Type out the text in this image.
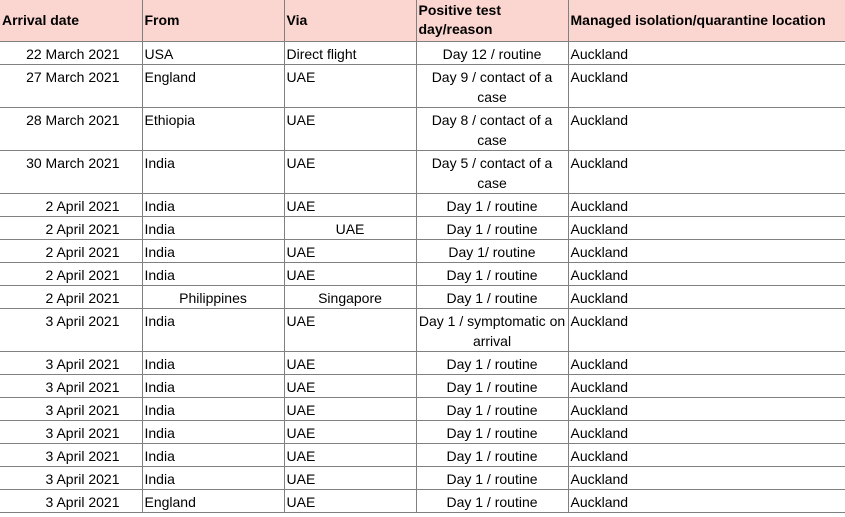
Arrival date	From	Via	Positive test day/reason	Managed isolation/quarantine location
22 March 2021	USA	Direct flight	Day 12 / routine	Auckland
27 March 2021	England	UAE	Day 9 / contact of a case	Auckland
28 March 2021	Ethiopia	UAE	Day 8 / contact of a case	Auckland
30 March 2021	India	UAE	Day 5 / contact of a case	Auckland
2 April 2021	India	UAE	Day 1 / routine	Auckland
2 April 2021	India	UAE	Day 1 / routine	Auckland
2 April 2021	India	UAE	Day 1/ routine	Auckland
2 April 2021	India	UAE	Day 1 / routine	Auckland
2 April 2021	Philippines	Singapore	Day 1 / routine	Auckland
3 April 2021	India	UAE	Day 1 / symptomatic on arrival	Auckland
3 April 2021	India	UAE	Day 1 / routine	Auckland
3 April 2021	India	UAE	Day 1 / routine	Auckland
3 April 2021	India	UAE	Day 1 / routine	Auckland
3 April 2021	India	UAE	Day 1 / routine	Auckland
3 April 2021	India	UAE	Day 1 / routine	Auckland
3 April 2021	India	UAE	Day 1 / routine	Auckland
3 April 2021	England	UAE	Day 1 / routine	Auckland
